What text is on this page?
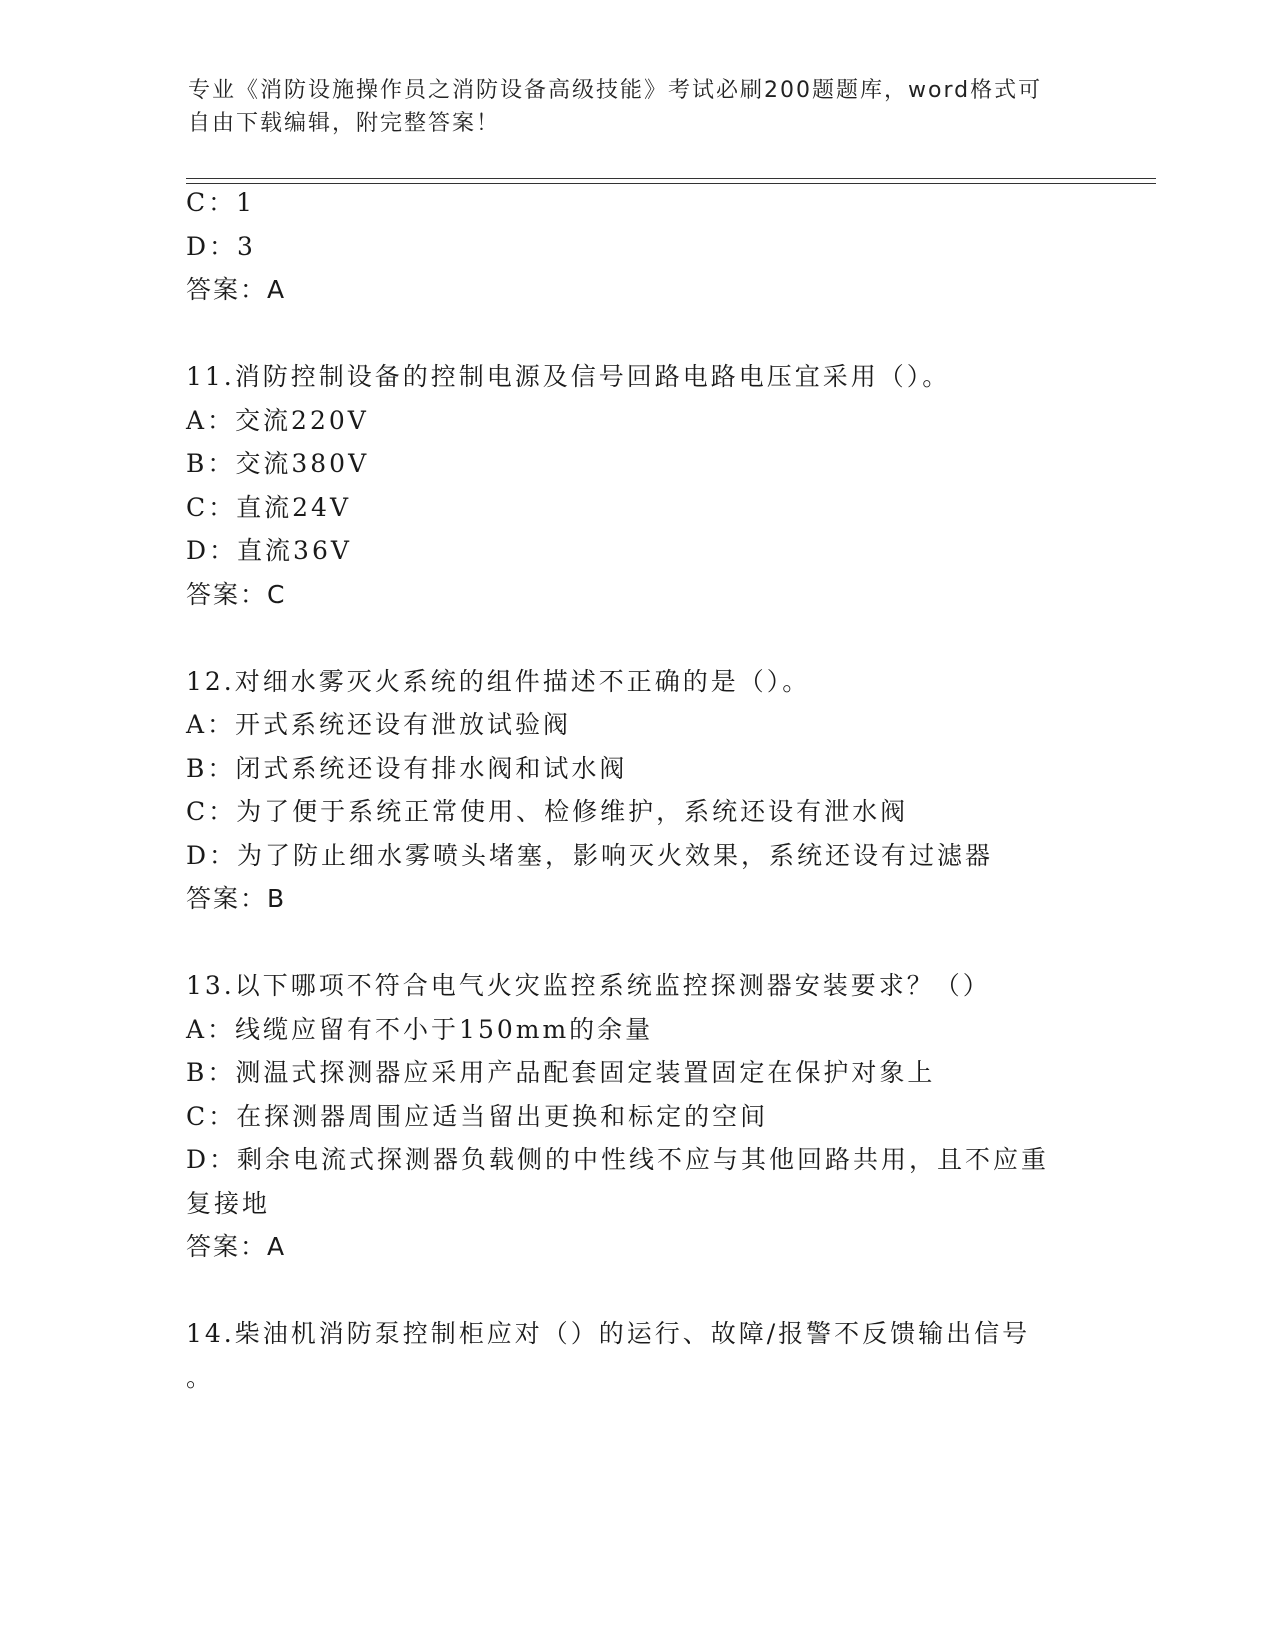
专业《消防设施操作员之消防设备高级技能》考试必刷200题题库，word格式可
自由下载编辑，附完整答案！
C：1
D：3
答案：A
11.消防控制设备的控制电源及信号回路电路电压宜采用（）。
A：交流220V
B：交流380V
C：直流24V
D：直流36V
答案：C
12.对细水雾灭火系统的组件描述不正确的是（）。
A：开式系统还设有泄放试验阀
B：闭式系统还设有排水阀和试水阀
C：为了便于系统正常使用、检修维护，系统还设有泄水阀
D：为了防止细水雾喷头堵塞，影响灭火效果，系统还设有过滤器
答案：B
13.以下哪项不符合电气火灾监控系统监控探测器安装要求？（）
A：线缆应留有不小于150mm的余量
B：测温式探测器应采用产品配套固定装置固定在保护对象上
C：在探测器周围应适当留出更换和标定的空间
D：剩余电流式探测器负载侧的中性线不应与其他回路共用，且不应重
复接地
答案：A
14.柴油机消防泵控制柜应对（）的运行、故障/报警不反馈输出信号
。
